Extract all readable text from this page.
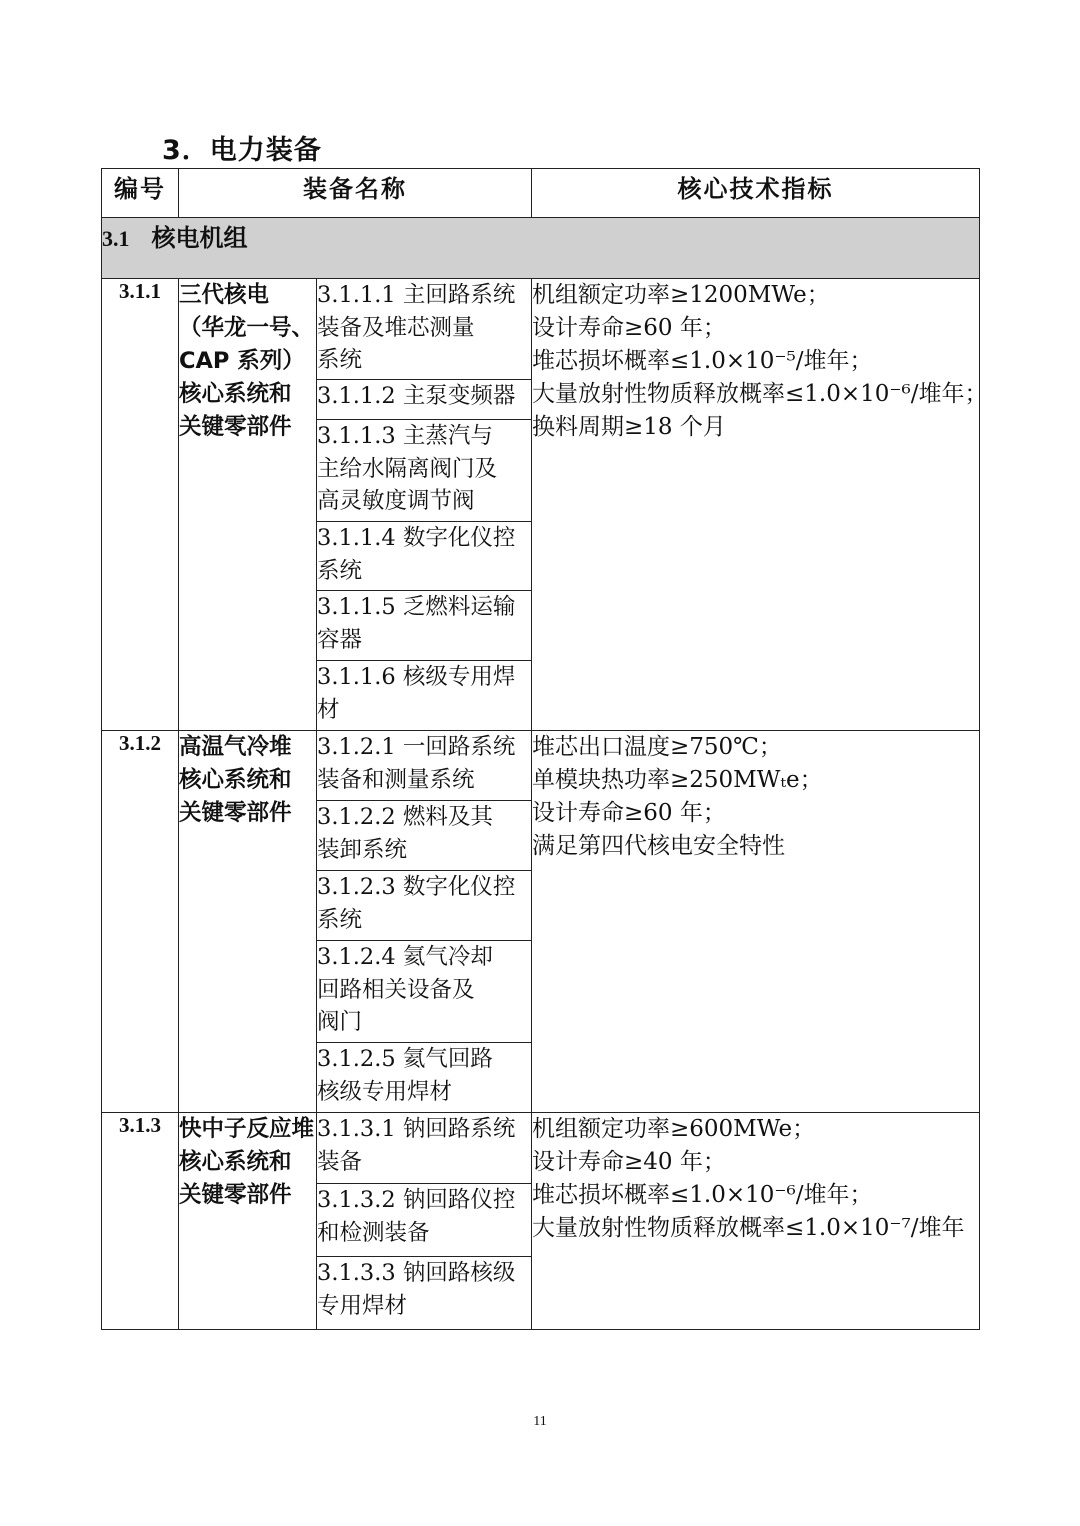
3．电力装备
编号	装备名称		核心技术指标
3.1 核电机组			
3.1.1	三代核电
（华龙一号、
CAP 系列）
核心系统和
关键零部件	3.1.1.1 主回路系统
装备及堆芯测量
系统	机组额定功率≥1200MWe；
设计寿命≥60 年；
堆芯损坏概率≤1.0×10⁻⁵/堆年；
大量放射性物质释放概率≤1.0×10⁻⁶/堆年；
换料周期≥18 个月

		3.1.1.2 主泵变频器	

		3.1.1.3 主蒸汽与
主给水隔离阀门及
高灵敏度调节阀	

		3.1.1.4 数字化仪控
系统	

		3.1.1.5 乏燃料运输
容器	

		3.1.1.6 核级专用焊
材	

3.1.2	高温气冷堆
核心系统和
关键零部件	3.1.2.1 一回路系统
装备和测量系统	堆芯出口温度≥750℃；
单模块热功率≥250MWₜe；
设计寿命≥60 年；
满足第四代核电安全特性

		3.1.2.2 燃料及其
装卸系统	

		3.1.2.3 数字化仪控
系统	

		3.1.2.4 氦气冷却
回路相关设备及
阀门	

		3.1.2.5 氦气回路
核级专用焊材	

3.1.3	快中子反应堆
核心系统和
关键零部件	3.1.3.1 钠回路系统
装备	机组额定功率≥600MWe；
设计寿命≥40 年；
堆芯损坏概率≤1.0×10⁻⁶/堆年；
大量放射性物质释放概率≤1.0×10⁻⁷/堆年

		3.1.3.2 钠回路仪控
和检测装备	

		3.1.3.3 钠回路核级
专用焊材	
11
